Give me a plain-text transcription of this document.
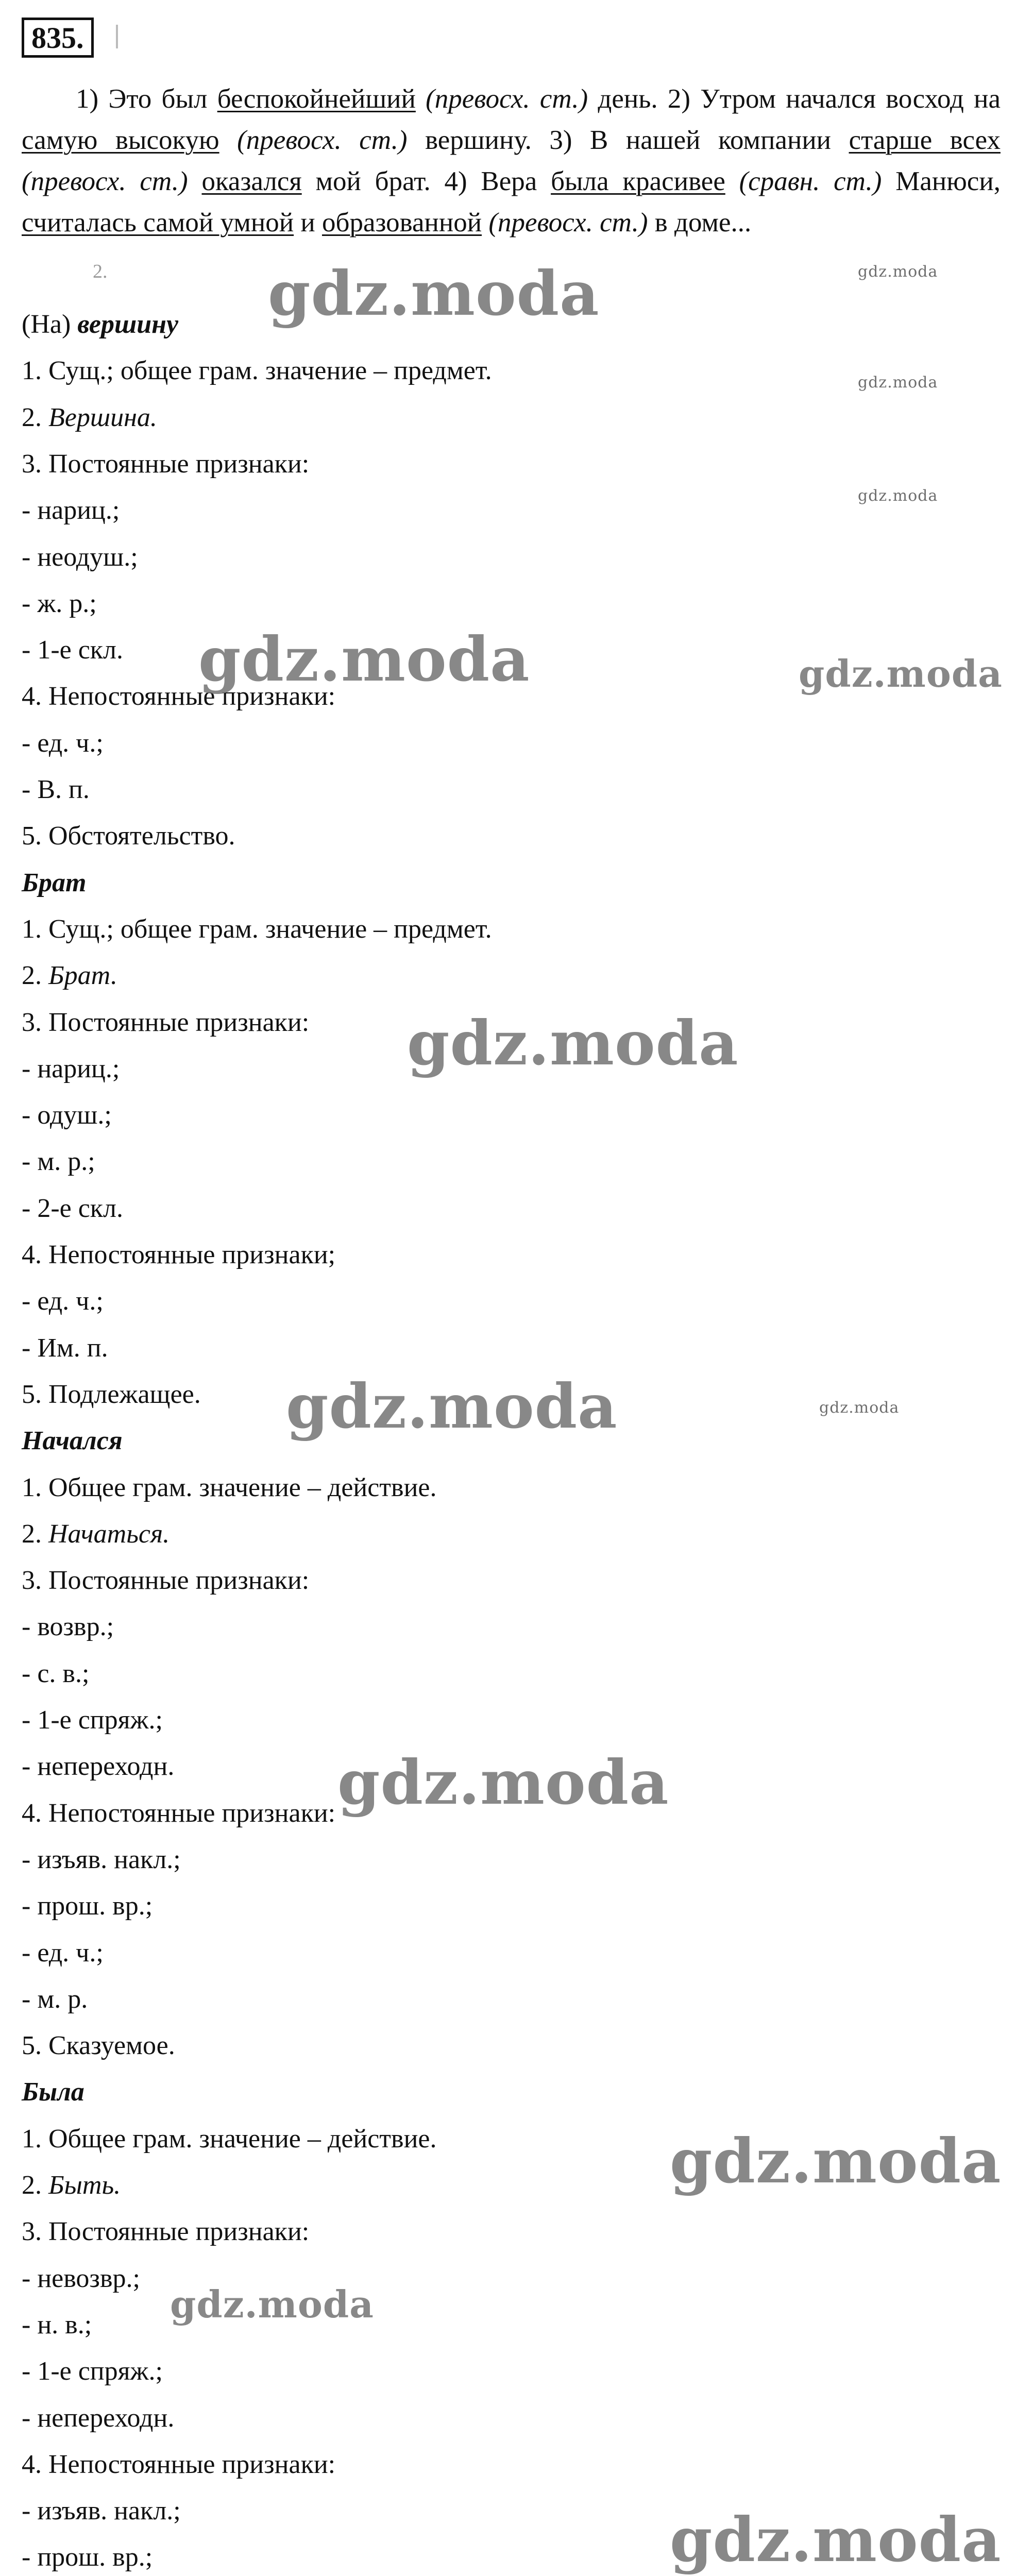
835.
1) Это был беспокойнейший (превосх. ст.) день. 2) Утром начался восход на самую высокую (превосх. ст.) вершину. 3) В нашей компании старше всех (превосх. ст.) оказался мой брат. 4) Вера была красивее (сравн. ст.) Манюси, считалась самой умной и образованной (превосх. ст.) в доме...
2.
(На) вершину
1. Сущ.; общее грам. значение – предмет.
2. Вершина.
3. Постоянные признаки:
- нариц.;
- неодуш.;
- ж. р.;
- 1-е скл.
4. Непостоянные признаки:
- ед. ч.;
- В. п.
5. Обстоятельство.
Брат
1. Сущ.; общее грам. значение – предмет.
2. Брат.
3. Постоянные признаки:
- нариц.;
- одуш.;
- м. р.;
- 2-е скл.
4. Непостоянные признаки;
- ед. ч.;
- Им. п.
5. Подлежащее.
Начался
1. Общее грам. значение – действие.
2. Начаться.
3. Постоянные признаки:
- возвр.;
- с. в.;
- 1-е спряж.;
- непереходн.
4. Непостоянные признаки:
- изъяв. накл.;
- прош. вр.;
- ед. ч.;
- м. р.
5. Сказуемое.
Была
1. Общее грам. значение – действие.
2. Быть.
3. Постоянные признаки:
- невозвр.;
- н. в.;
- 1-е спряж.;
- непереходн.
4. Непостоянные признаки:
- изъяв. накл.;
- прош. вр.;
gdz.moda	gdz.moda
gdz.moda
gdz.moda
gdz.moda	gdz.moda
gdz.moda
gdz.moda	gdz.moda
gdz.moda
gdz.moda
gdz.moda
gdz.moda
